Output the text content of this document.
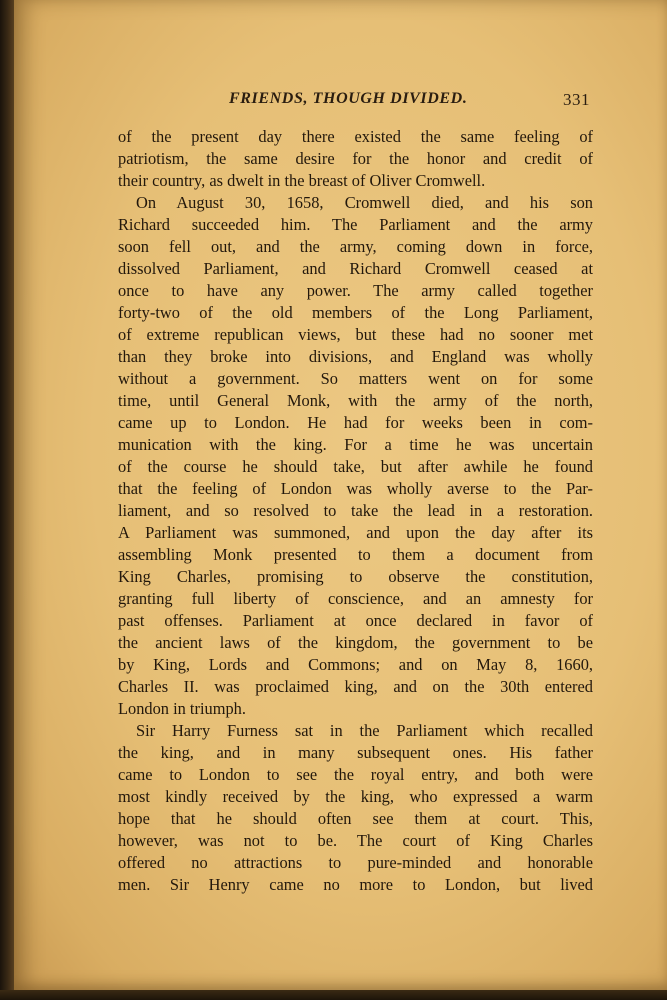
FRIENDS, THOUGH DIVIDED.	331
of the present day there existed the same feeling of
patriotism, the same desire for the honor and credit of
their country, as dwelt in the breast of Oliver Cromwell.
On August 30, 1658, Cromwell died, and his son
Richard succeeded him. The Parliament and the army
soon fell out, and the army, coming down in force,
dissolved Parliament, and Richard Cromwell ceased at
once to have any power. The army called together
forty-two of the old members of the Long Parliament,
of extreme republican views, but these had no sooner met
than they broke into divisions, and England was wholly
without a government. So matters went on for some
time, until General Monk, with the army of the north,
came up to London. He had for weeks been in com-
munication with the king. For a time he was uncertain
of the course he should take, but after awhile he found
that the feeling of London was wholly averse to the Par-
liament, and so resolved to take the lead in a restoration.
A Parliament was summoned, and upon the day after its
assembling Monk presented to them a document from
King Charles, promising to observe the constitution,
granting full liberty of conscience, and an amnesty for
past offenses. Parliament at once declared in favor of
the ancient laws of the kingdom, the government to be
by King, Lords and Commons; and on May 8, 1660,
Charles II. was proclaimed king, and on the 30th entered
London in triumph.
Sir Harry Furness sat in the Parliament which recalled
the king, and in many subsequent ones. His father
came to London to see the royal entry, and both were
most kindly received by the king, who expressed a warm
hope that he should often see them at court. This,
however, was not to be. The court of King Charles
offered no attractions to pure-minded and honorable
men. Sir Henry came no more to London, but lived
